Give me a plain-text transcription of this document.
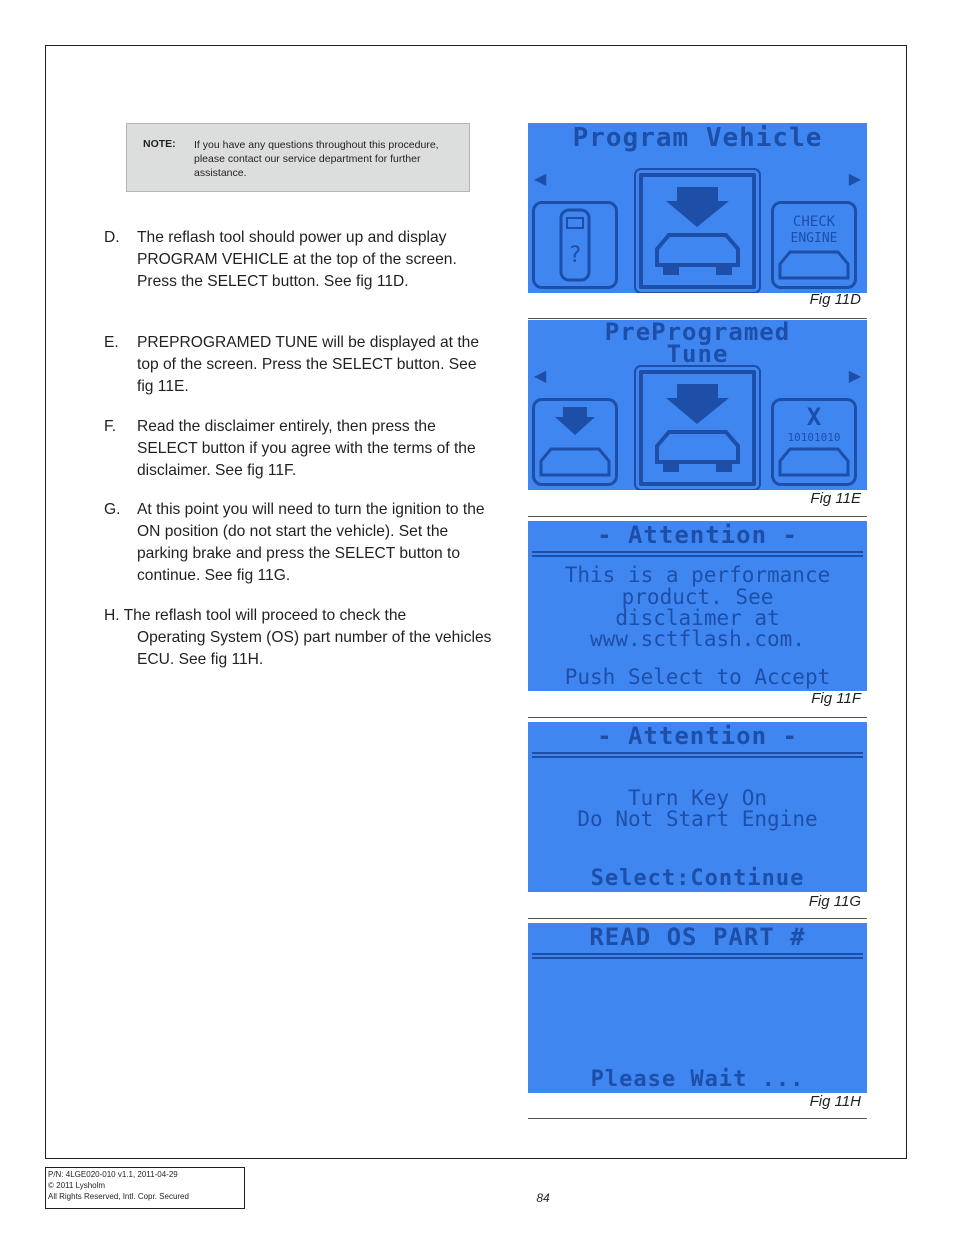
NOTE: If you have any questions throughout this procedure, please contact our service department for further assistance.
D. The reflash tool should power up and display PROGRAM VEHICLE at the top of the screen. Press the SELECT button. See fig 11D.
E. PREPROGRAMED TUNE will be displayed at the top of the screen. Press the SELECT button. See fig 11E.
F. Read the disclaimer entirely, then press the SELECT button if you agree with the terms of the disclaimer. See fig 11F.
G. At this point you will need to turn the ignition to the ON position (do not start the vehicle). Set the parking brake and press the SELECT button to continue. See fig 11G.
H. The reflash tool will proceed to check the
Operating System (OS) part number of the vehicles ECU. See fig 11H.
Program Vehicle
◀	▶
?
CHECK
ENGINE
Fig 11D
PreProgramed
Tune
◀	▶
X
10101010
Fig 11E
- Attention -
This is a performance
product. See
disclaimer at
www.sctflash.com.
Push Select to Accept
Fig 11F
- Attention -
Turn Key On
Do Not Start Engine
Select:Continue
Fig 11G
READ OS PART #
Please Wait ...
Fig 11H
P/N: 4LGE020-010 v1.1, 2011-04-29
© 2011 Lysholm
All Rights Reserved, Intl. Copr. Secured	84
